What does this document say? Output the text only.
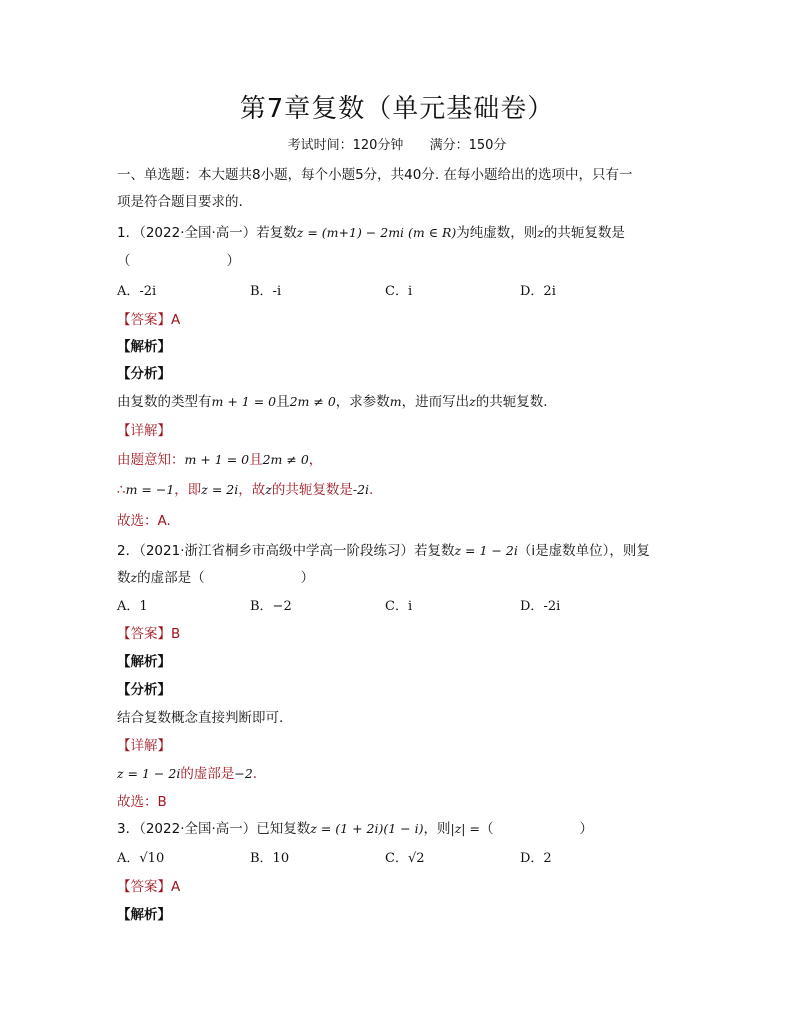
第7章复数（单元基础卷）
考试时间：120分钟 满分：150分
一、单选题：本大题共8小题，每个小题5分，共40分. 在每小题给出的选项中，只有一
项是符合题目要求的.
1．（2022·全国·高一）若复数z = (m+1) − 2mi (m ∈ R)为纯虚数，则z的共轭复数是
（	）
A．-2i	B．-i	C．i	D．2i
【答案】A
【解析】
【分析】
由复数的类型有m + 1 = 0且2m ≠ 0，求参数m，进而写出z的共轭复数.
【详解】
由题意知：m + 1 = 0且2m ≠ 0，
∴m = −1，即z = 2i，故z的共轭复数是-2i.
故选：A.
2．（2021·浙江省桐乡市高级中学高一阶段练习）若复数z = 1 − 2i（i是虚数单位），则复
数z的虚部是（	）
A．1	B．−2	C．i	D．-2i
【答案】B
【解析】
【分析】
结合复数概念直接判断即可.
【详解】
z = 1 − 2i的虚部是−2.
故选：B
3．（2022·全国·高一）已知复数z = (1 + 2i)(1 − i)，则|z| =（	）
A．√10	B．10	C．√2	D．2
【答案】A
【解析】
